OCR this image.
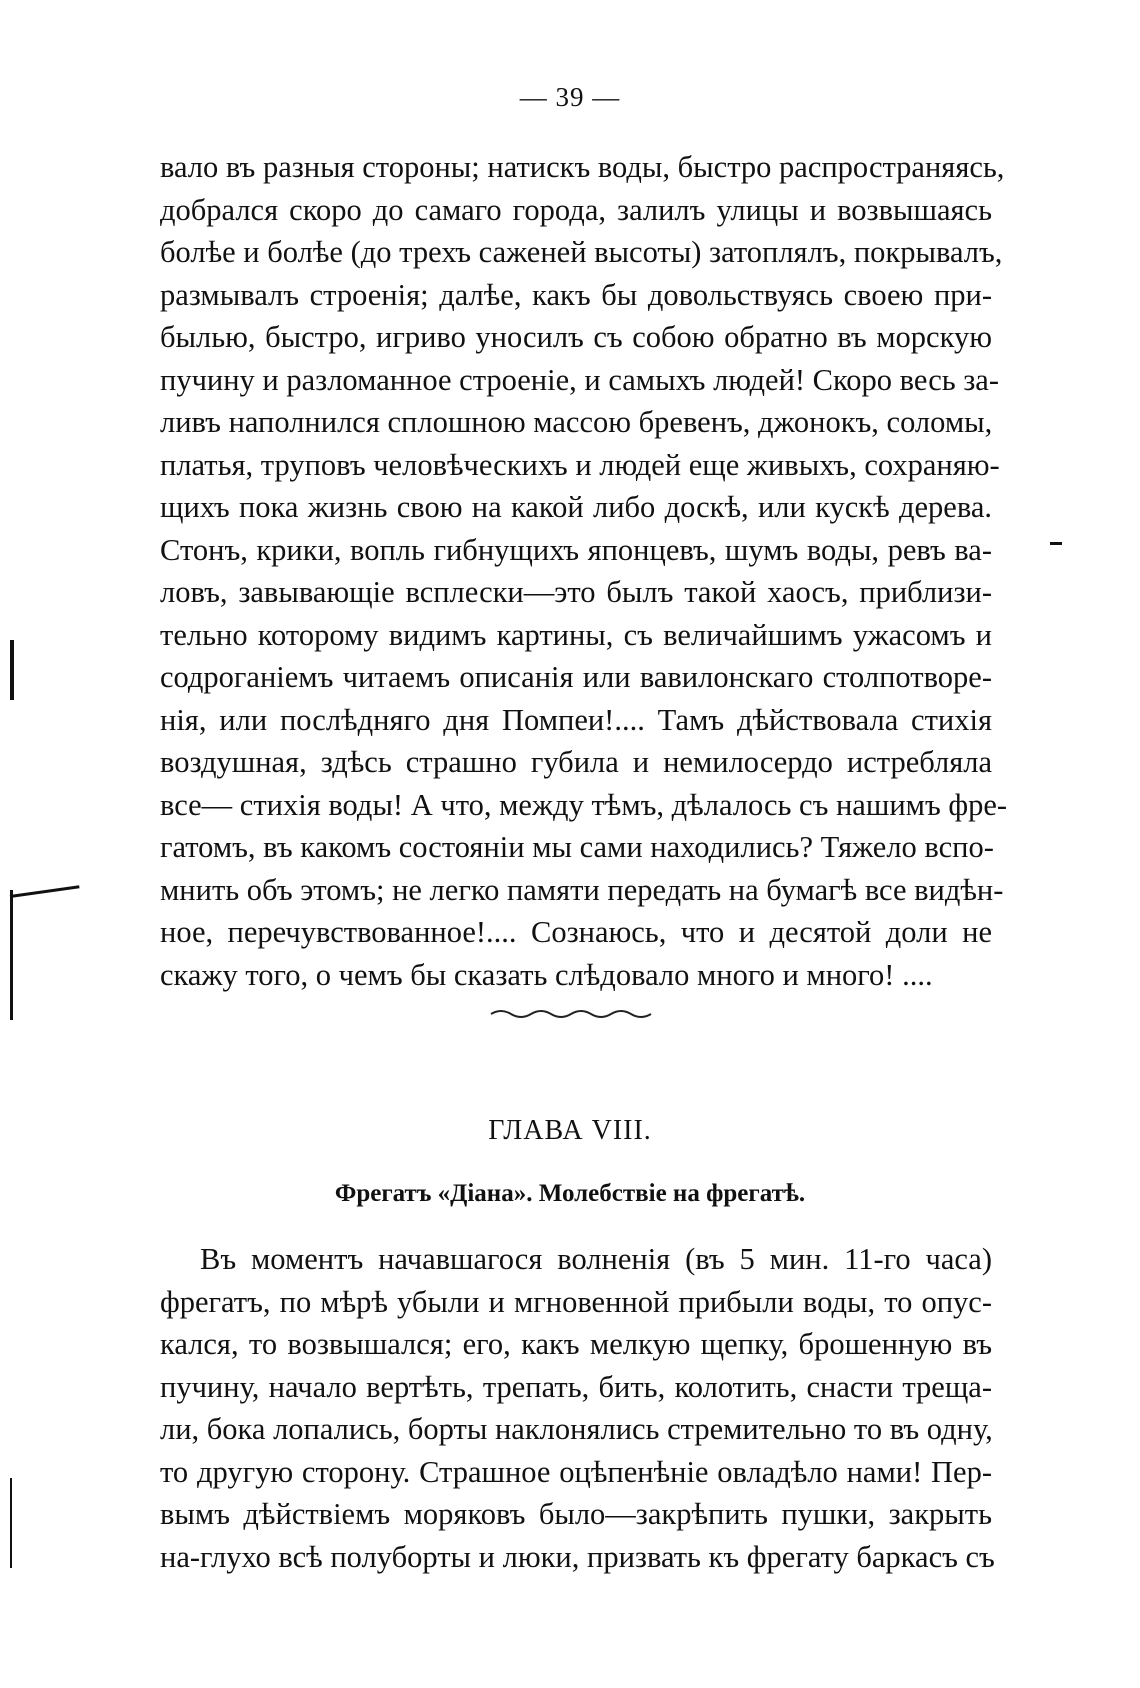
— 39 —
вало въ разныя стороны; натискъ воды, быстро распространяясь,
добрался скоро до самаго города, залилъ улицы и возвышаясь
болѣе и болѣе (до трехъ саженей высоты) затоплялъ, покрывалъ,
размывалъ строенія; далѣе, какъ бы довольствуясь своею при-
былью, быстро, игриво уносилъ съ собою обратно въ морскую
пучину и разломанное строеніе, и самыхъ людей! Скоро весь за-
ливъ наполнился сплошною массою бревенъ, джонокъ, соломы,
платья, труповъ человѣческихъ и людей еще живыхъ, сохраняю-
щихъ пока жизнь свою на какой либо доскѣ, или кускѣ дерева.
Стонъ, крики, вопль гибнущихъ японцевъ, шумъ воды, ревъ ва-
ловъ, завывающіе всплески—это былъ такой хаосъ, приблизи-
тельно которому видимъ картины, съ величайшимъ ужасомъ и
содроганіемъ читаемъ описанія или вавилонскаго столпотворе-
нія, или послѣдняго дня Помпеи!.... Тамъ дѣйствовала стихія
воздушная, здѣсь страшно губила и немилосердо истребляла
все— стихія воды! А что, между тѣмъ, дѣлалось съ нашимъ фре-
гатомъ, въ какомъ состояніи мы сами находились? Тяжело вспо-
мнить объ этомъ; не легко памяти передать на бумагѣ все видѣн-
ное, перечувствованное!.... Сознаюсь, что и десятой доли не
скажу того, о чемъ бы сказать слѣдовало много и много! ....
ГЛАВА VIII.
Фрегатъ «Діана». Молебствіе на фрегатѣ.
Въ моментъ начавшагося волненія (въ 5 мин. 11-го часа)
фрегатъ, по мѣрѣ убыли и мгновенной прибыли воды, то опус-
кался, то возвышался; его, какъ мелкую щепку, брошенную въ
пучину, начало вертѣть, трепать, бить, колотить, снасти треща-
ли, бока лопались, борты наклонялись стремительно то въ одну,
то другую сторону. Страшное оцѣпенѣніе овладѣло нами! Пер-
вымъ дѣйствіемъ моряковъ было—закрѣпить пушки, закрыть
на-глухо всѣ полуборты и люки, призвать къ фрегату баркасъ съ
